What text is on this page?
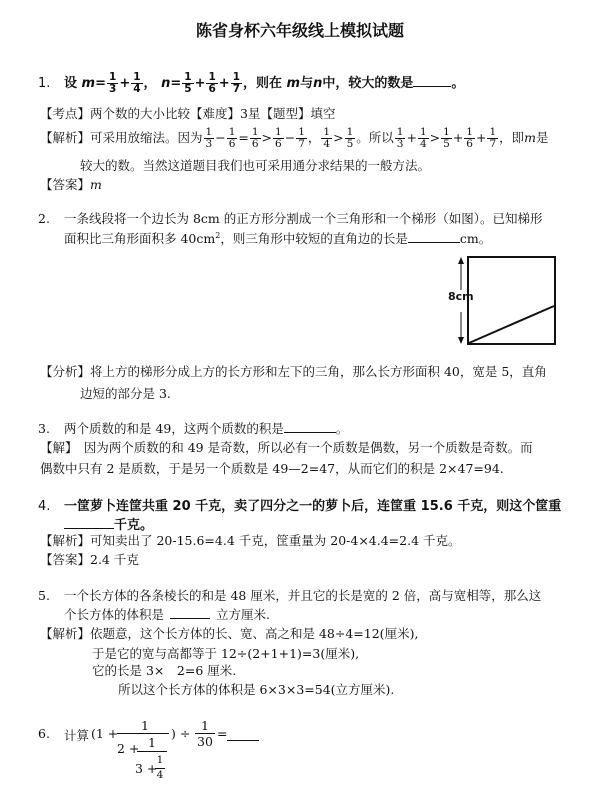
陈省身杯六年级线上模拟试题
1. 设 $m= \frac{1}{3} + \frac{1}{4}$ ， $n= \frac{1}{5} + \frac{1}{6} + \frac{1}{7}$ ，则在 m与n中，较大的数是	。
【考点】两个数的大小比较【难度】3星【题型】填空
【解析】可采用放缩法。因为 $\frac{1}{3} - \frac{1}{6} = \frac{1}{6} > \frac{1}{6} - \frac{1}{7}$ ， $\frac{1}{4} > \frac{1}{5}$ 。所以 $\frac{1}{3} + \frac{1}{4} > \frac{1}{5} + \frac{1}{6} + \frac{1}{7}$ ，即m是
较大的数。当然这道题目我们也可采用通分求结果的一般方法。
【答案】m
2. 一条线段将一个边长为 8cm 的正方形分割成一个三角形和一个梯形（如图）。已知梯形
面积比三角形面积多 $40cm^2$，则三角形中较短的直角边的长是	cm。
8cm
【分析】将上方的梯形分成上方的长方形和左下的三角，那么长方形面积 40，宽是 5，直角
边短的部分是 3.
3. 两个质数的和是 49，这两个质数的积是	。
【解】　因为两个质数的和 49 是奇数，所以必有一个质数是偶数，另一个质数是奇数。而
偶数中只有 2 是质数，于是另一个质数是 49—2=47，从而它们的积是 2×47=94.
4. 一筐萝卜连筐共重 20 千克，卖了四分之一的萝卜后，连筐重 15.6 千克，则这个筐重
千克。
【解析】可知卖出了 20-15.6=4.4 千克，筐重量为 20-4×4.4=2.4 千克。
【答案】2.4 千克
5. 一个长方体的各条棱长的和是 48 厘米，并且它的长是宽的 2 倍，高与宽相等，那么这
个长方体的体积是	立方厘米.
【解析】依题意，这个长方体的长、宽、高之和是 48÷4=12(厘米),
于是它的宽与高都等于 12÷(2+1+1)=3(厘米),
它的长是 3×　2=6 厘米.
所以这个长方体的体积是 6×3×3=54(立方厘米).
6. 计算 (1 +
1
2 + 1
3 +
1
4
) ÷
1
30
=
